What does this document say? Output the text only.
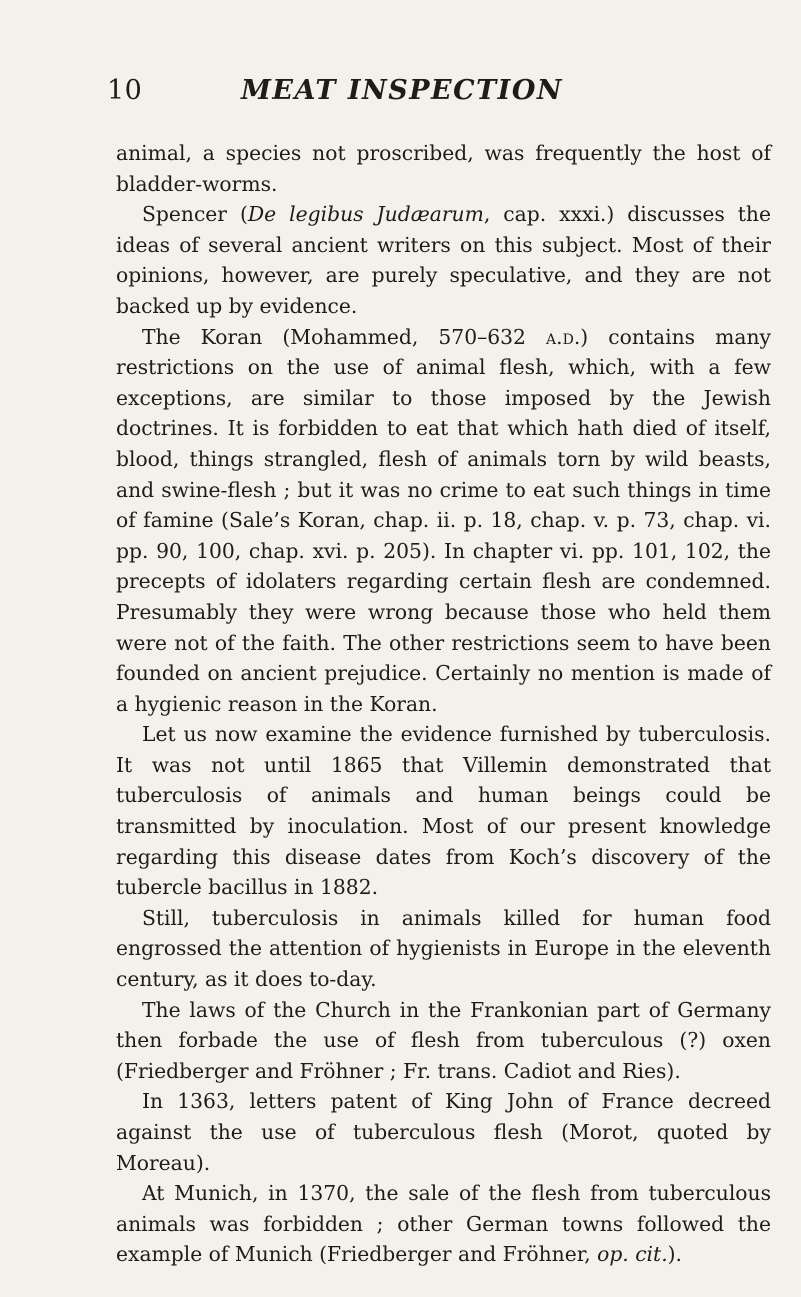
10	MEAT INSPECTION

animal, a species not proscribed, was frequently the host of bladder-worms.

Spencer (De legibus Judæarum, cap. xxxi.) discusses the ideas of several ancient writers on this subject. Most of their opinions, however, are purely speculative, and they are not backed up by evidence.

The Koran (Mohammed, 570–632 a.d.) contains many restrictions on the use of animal flesh, which, with a few exceptions, are similar to those imposed by the Jewish doctrines. It is forbidden to eat that which hath died of itself, blood, things strangled, flesh of animals torn by wild beasts, and swine-flesh ; but it was no crime to eat such things in time of famine (Sale’s Koran, chap. ii. p. 18, chap. v. p. 73, chap. vi. pp. 90, 100, chap. xvi. p. 205). In chapter vi. pp. 101, 102, the precepts of idolaters regarding certain flesh are condemned. Presumably they were wrong because those who held them were not of the faith. The other restrictions seem to have been founded on ancient prejudice. Certainly no mention is made of a hygienic reason in the Koran.

Let us now examine the evidence furnished by tuberculosis. It was not until 1865 that Villemin demonstrated that tuberculosis of animals and human beings could be transmitted by inoculation. Most of our present knowledge regarding this disease dates from Koch’s discovery of the tubercle bacillus in 1882.

Still, tuberculosis in animals killed for human food engrossed the attention of hygienists in Europe in the eleventh century, as it does to-day.

The laws of the Church in the Frankonian part of Germany then forbade the use of flesh from tuberculous (?) oxen (Friedberger and Fröhner ; Fr. trans. Cadiot and Ries).

In 1363, letters patent of King John of France decreed against the use of tuberculous flesh (Morot, quoted by Moreau).

At Munich, in 1370, the sale of the flesh from tuberculous animals was forbidden ; other German towns followed the example of Munich (Friedberger and Fröhner, op. cit.).
